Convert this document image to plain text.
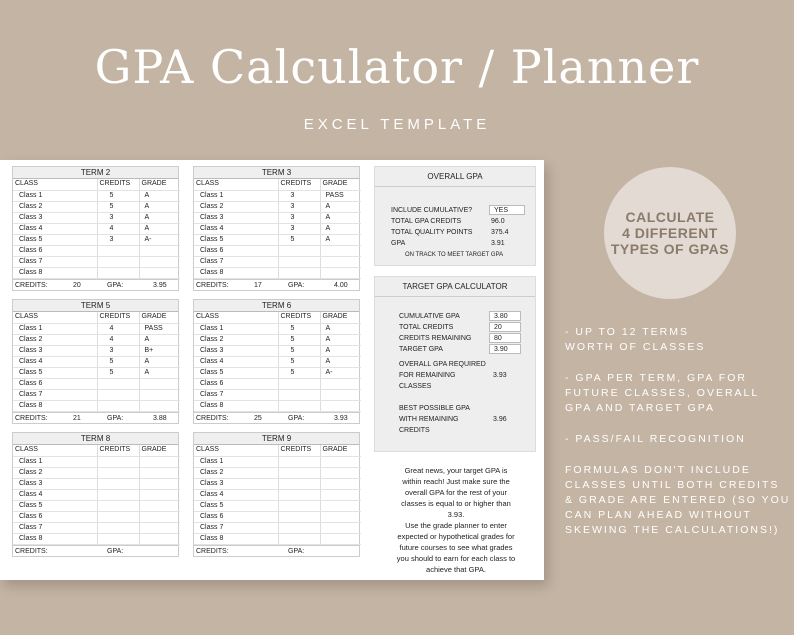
GPA Calculator / Planner
EXCEL TEMPLATE
TERM 2
CLASS	CREDITS	GRADE
Class 1	5	A
Class 2	5	A
Class 3	3	A
Class 4	4	A
Class 5	3	A-
Class 6		
Class 7		
Class 8		
CREDITS:	20	GPA:	3.95
TERM 3
CLASS	CREDITS	GRADE
Class 1	3	PASS
Class 2	3	A
Class 3	3	A
Class 4	3	A
Class 5	5	A
Class 6		
Class 7		
Class 8		
CREDITS:	17	GPA:	4.00
TERM 5
CLASS	CREDITS	GRADE
Class 1	4	PASS
Class 2	4	A
Class 3	3	B+
Class 4	5	A
Class 5	5	A
Class 6		
Class 7		
Class 8		
CREDITS:	21	GPA:	3.88
TERM 6
CLASS	CREDITS	GRADE
Class 1	5	A
Class 2	5	A
Class 3	5	A
Class 4	5	A
Class 5	5	A-
Class 6		
Class 7		
Class 8		
CREDITS:	25	GPA:	3.93
TERM 8
CLASS	CREDITS	GRADE
Class 1		
Class 2		
Class 3		
Class 4		
Class 5		
Class 6		
Class 7		
Class 8		
CREDITS:	GPA:
TERM 9
CLASS	CREDITS	GRADE
Class 1		
Class 2		
Class 3		
Class 4		
Class 5		
Class 6		
Class 7		
Class 8		
CREDITS:	GPA:
OVERALL GPA
INCLUDE CUMULATIVE?	YES
TOTAL GPA CREDITS	96.0
TOTAL QUALITY POINTS	375.4
GPA	3.91
ON TRACK TO MEET TARGET GPA
TARGET GPA CALCULATOR
CUMULATIVE GPA	3.80
TOTAL CREDITS	20
CREDITS REMAINING	80
TARGET GPA	3.90
OVERALL GPA REQUIRED
FOR REMAINING
CLASSES
3.93
BEST POSSIBLE GPA
WITH REMAINING
CREDITS
3.96
Great news, your target GPA is
within reach! Just make sure the
overall GPA for the rest of your
classes is equal to or higher than
3.93.
Use the grade planner to enter
expected or hypothetical grades for
future courses to see what grades
you should to earn for each class to
achieve that GPA.
CALCULATE
4 DIFFERENT
TYPES OF GPAS
- UP TO 12 TERMS
WORTH OF CLASSES
- GPA PER TERM, GPA FOR
FUTURE CLASSES, OVERALL
GPA AND TARGET GPA
- PASS/FAIL RECOGNITION
FORMULAS DON'T INCLUDE
CLASSES UNTIL BOTH CREDITS
& GRADE ARE ENTERED (SO YOU
CAN PLAN AHEAD WITHOUT
SKEWING THE CALCULATIONS!)
